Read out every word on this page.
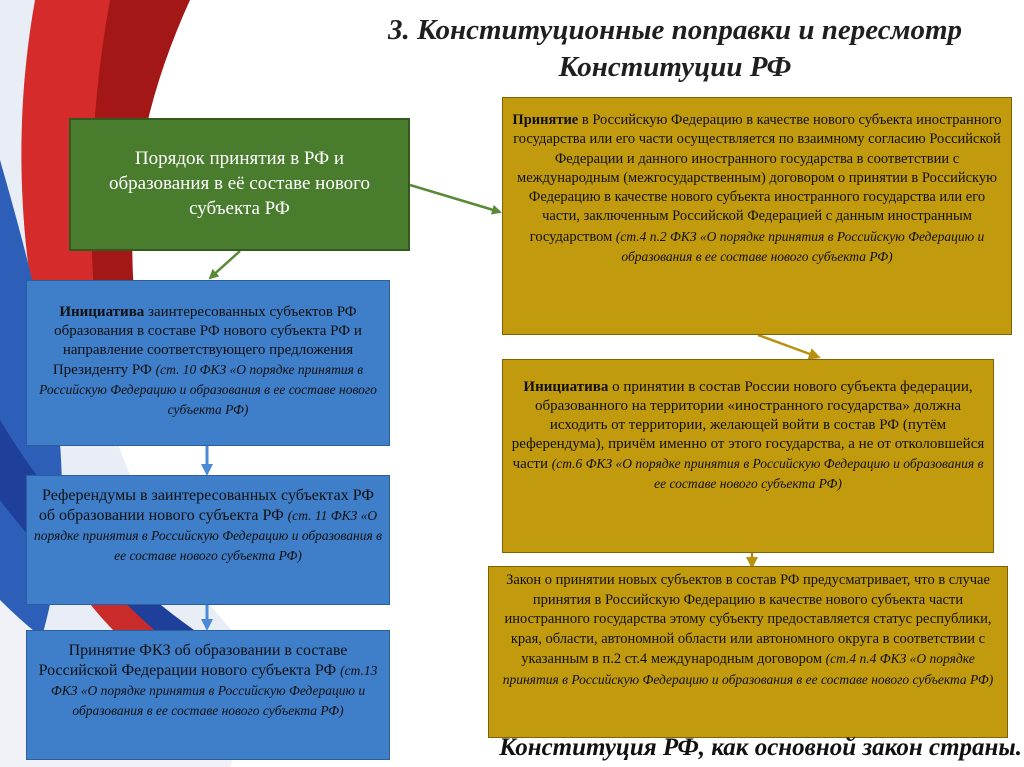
3. Конституционные поправки и пересмотр
Конституции РФ
Порядок принятия в РФ и образования в её составе нового субъекта РФ
Инициатива заинтересованных субъектов РФ образования в составе РФ нового субъекта РФ и направление соответствующего предложения Президенту РФ (ст. 10 ФКЗ «О порядке принятия в Российскую Федерацию и образования в ее составе нового субъекта РФ)
Референдумы в заинтересованных субъектах РФ об образовании нового субъекта РФ (ст. 11 ФКЗ «О порядке принятия в Российскую Федерацию и образования в ее составе нового субъекта РФ)
Принятие ФКЗ об образовании в составе Российской Федерации нового субъекта РФ (ст.13 ФКЗ «О порядке принятия в Российскую Федерацию и образования в ее составе нового субъекта РФ)
Принятие в Российскую Федерацию в качестве нового субъекта иностранного государства или его части осуществляется по взаимному согласию Российской Федерации и данного иностранного государства в соответствии с международным (межгосударственным) договором о принятии в Российскую Федерацию в качестве нового субъекта иностранного государства или его части, заключенным Российской Федерацией с данным иностранным государством (ст.4 п.2 ФКЗ «О порядке принятия в Российскую Федерацию и образования в ее составе нового субъекта РФ)
Инициатива о принятии в состав России нового субъекта федерации, образованного на территории «иностранного государства» должна исходить от территории, желающей войти в состав РФ (путём референдума), причём именно от этого государства, а не от отколовшейся части (ст.6 ФКЗ «О порядке принятия в Российскую Федерацию и образования в ее составе нового субъекта РФ)
Закон о принятии новых субъектов в состав РФ предусматривает, что в случае принятия в Российскую Федерацию в качестве нового субъекта части иностранного государства этому субъекту предоставляется статус республики, края, области, автономной области или автономного округа в соответствии с указанным в п.2 ст.4 международным договором (ст.4 п.4 ФКЗ «О порядке принятия в Российскую Федерацию и образования в ее составе нового субъекта РФ)
Конституция РФ, как основной закон страны.
